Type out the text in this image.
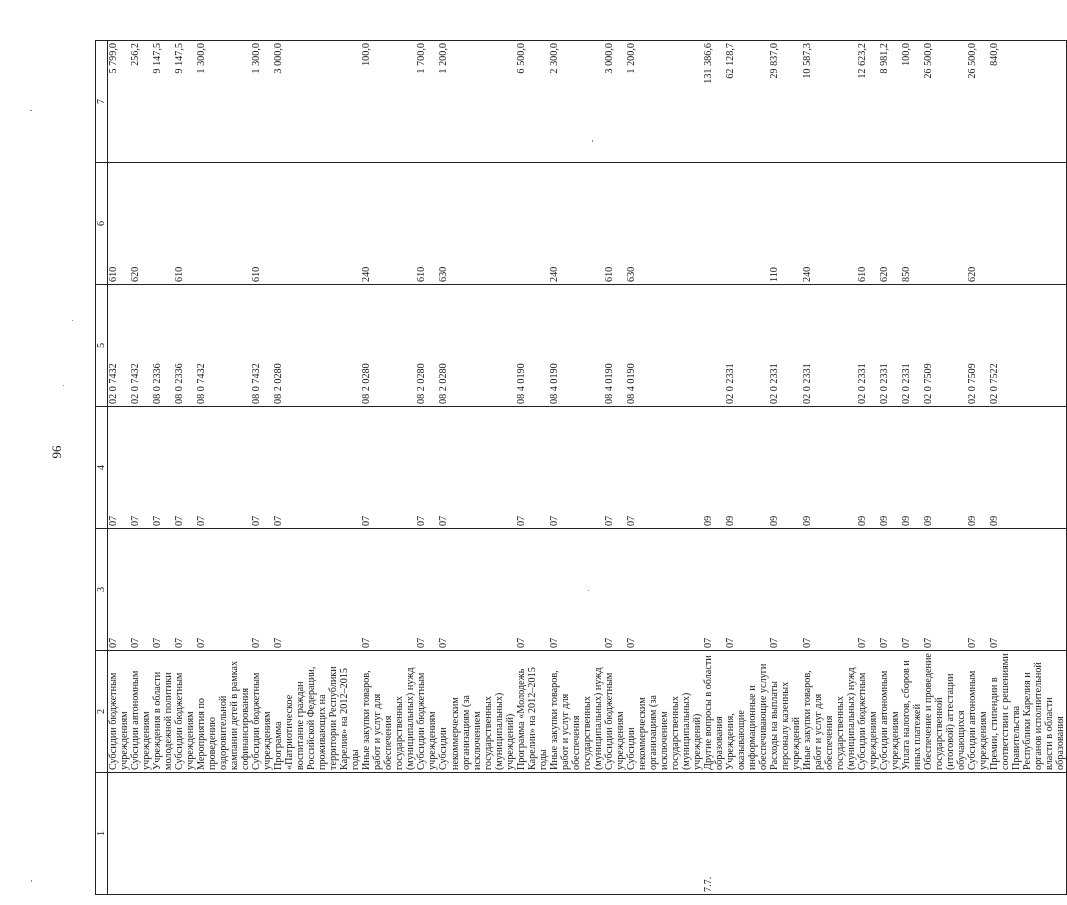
96
1	2	3	4	5	6	7
	Субсидии бюджетным учреждениям	07	07	02 0 7432	610	5 799,0
	Субсидии автономным учреждениям	07	07	02 0 7432	620	256,2
	Учреждения в области молодежной политики	07	07	08 0 2336		9 147,5
	Субсидии бюджетным учреждениям	07	07	08 0 2336	610	9 147,5
	Мероприятия по проведению оздоровительной кампании детей в рамках софинансирования	07	07	08 0 7432		1 300,0
	Субсидии бюджетным учреждениям	07	07	08 0 7432	610	1 300,0
	Программа «Патриотическое воспитание граждан Российской Федерации, проживающих на территории Республики Карелия» на 2012–2015 годы	07	07	08 2 0280		3 000,0
	Иные закупки товаров, работ и услуг для обеспечения государственных (муниципальных) нужд	07	07	08 2 0280	240	100,0
	Субсидии бюджетным учреждениям	07	07	08 2 0280	610	1 700,0
	Субсидии некоммерческим организациям (за исключением государственных (муниципальных) учреждений)	07	07	08 2 0280	630	1 200,0
	Программа «Молодежь Карелии» на 2012–2015 годы	07	07	08 4 0190		6 500,0
	Иные закупки товаров, работ и услуг для обеспечения государственных (муниципальных) нужд	07	07	08 4 0190	240	2 300,0
	Субсидии бюджетным учреждениям	07	07	08 4 0190	610	3 000,0
	Субсидии некоммерческим организациям (за исключением государственных (муниципальных) учреждений)	07	07	08 4 0190	630	1 200,0
7.7.	Другие вопросы в области образования	07	09			131 386,6
	Учреждения, оказывающие информационные и обеспечивающие услуги	07	09	02 0 2331		62 128,7
	Расходы на выплаты персоналу казенных учреждений	07	09	02 0 2331	110	29 837,0
	Иные закупки товаров, работ и услуг для обеспечения государственных (муниципальных) нужд	07	09	02 0 2331	240	10 587,3
	Субсидии бюджетным учреждениям	07	09	02 0 2331	610	12 623,2
	Субсидии автономным учреждениям	07	09	02 0 2331	620	8 981,2
	Уплата налогов, сборов и иных платежей	07	09	02 0 2331	850	100,0
	Обеспечение и проведение государственной (итоговой) аттестации обучающихся	07	09	02 0 7509		26 500,0
	Субсидии автономным учреждениям	07	09	02 0 7509	620	26 500,0
	Премии, стипендии в соответствии с решениями Правительства Республики Карелия и органов исполнительной власти в области образования	07	09	02 0 7522		840,0
